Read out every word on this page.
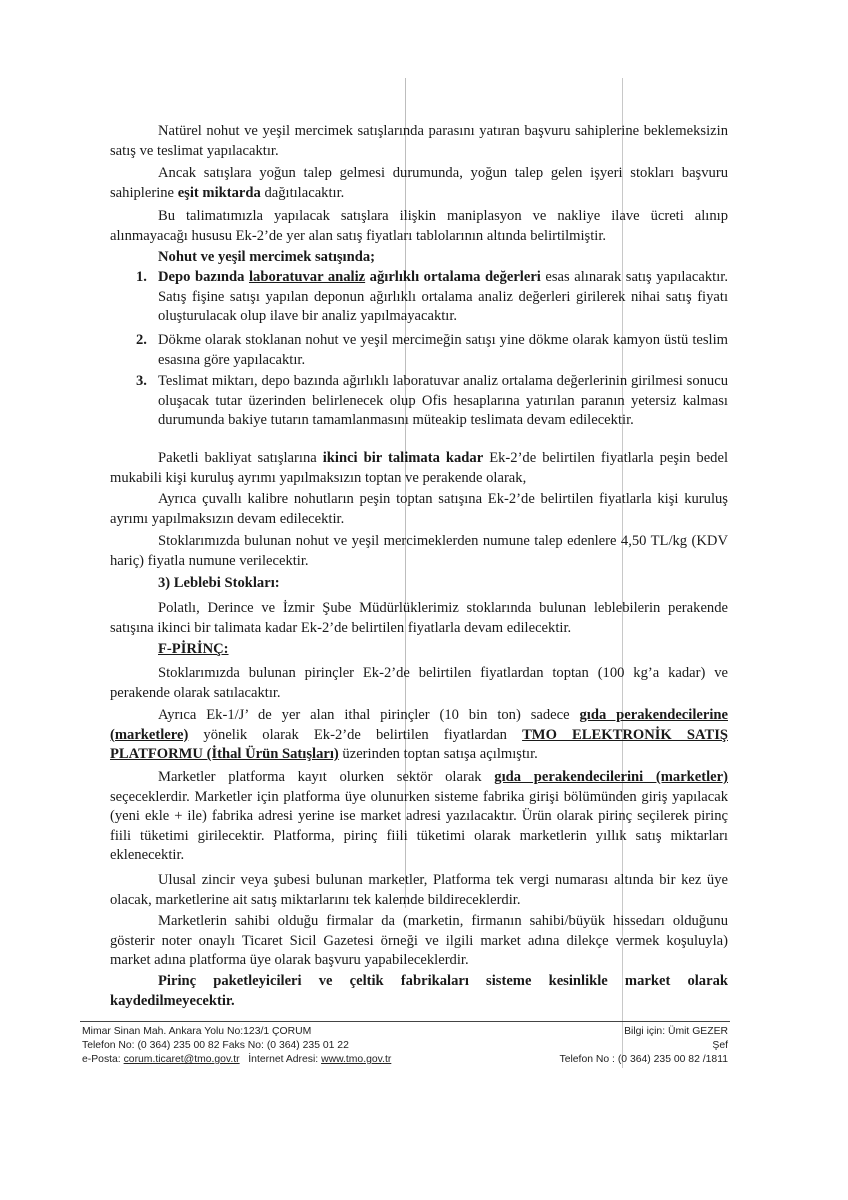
Natürel nohut ve yeşil mercimek satışlarında parasını yatıran başvuru sahiplerine beklemeksizin satış ve teslimat yapılacaktır.

Ancak satışlara yoğun talep gelmesi durumunda, yoğun talep gelen işyeri stokları başvuru sahiplerine eşit miktarda dağıtılacaktır.

Bu talimatımızla yapılacak satışlara ilişkin maniplasyon ve nakliye ilave ücreti alınıp alınmayacağı hususu Ek-2’de yer alan satış fiyatları tablolarının altında belirtilmiştir.

Nohut ve yeşil mercimek satışında;

1. Depo bazında laboratuvar analiz ağırlıklı ortalama değerleri esas alınarak satış yapılacaktır. Satış fişine satışı yapılan deponun ağırlıklı ortalama analiz değerleri girilerek nihai satış fiyatı oluşturulacak olup ilave bir analiz yapılmayacaktır.
2. Dökme olarak stoklanan nohut ve yeşil mercimeğin satışı yine dökme olarak kamyon üstü teslim esasına göre yapılacaktır.
3. Teslimat miktarı, depo bazında ağırlıklı laboratuvar analiz ortalama değerlerinin girilmesi sonucu oluşacak tutar üzerinden belirlenecek olup Ofis hesaplarına yatırılan paranın yetersiz kalması durumunda bakiye tutarın tamamlanmasını müteakip teslimata devam edilecektir.

Paketli bakliyat satışlarına ikinci bir talimata kadar Ek-2’de belirtilen fiyatlarla peşin bedel mukabili kişi kuruluş ayrımı yapılmaksızın toptan ve perakende olarak,

Ayrıca çuvallı kalibre nohutların peşin toptan satışına Ek-2’de belirtilen fiyatlarla kişi kuruluş ayrımı yapılmaksızın devam edilecektir.

Stoklarımızda bulunan nohut ve yeşil mercimeklerden numune talep edenlere 4,50 TL/kg (KDV hariç) fiyatla numune verilecektir.

3) Leblebi Stokları:

Polatlı, Derince ve İzmir Şube Müdürlüklerimiz stoklarında bulunan leblebilerin perakende satışına ikinci bir talimata kadar Ek-2’de belirtilen fiyatlarla devam edilecektir.

F-PİRİNÇ:

Stoklarımızda bulunan pirinçler Ek-2’de belirtilen fiyatlardan toptan (100 kg’a kadar) ve perakende olarak satılacaktır.

Ayrıca Ek-1/J’ de yer alan ithal pirinçler (10 bin ton) sadece gıda perakendecilerine (marketlere) yönelik olarak Ek-2’de belirtilen fiyatlardan TMO ELEKTRONİK SATIŞ PLATFORMU (İthal Ürün Satışları) üzerinden toptan satışa açılmıştır.

Marketler platforma kayıt olurken sektör olarak gıda perakendecilerini (marketler) seçeceklerdir. Marketler için platforma üye olunurken sisteme fabrika girişi bölümünden giriş yapılacak (yeni ekle + ile) fabrika adresi yerine ise market adresi yazılacaktır. Ürün olarak pirinç seçilerek pirinç fiili tüketimi girilecektir. Platforma, pirinç fiili tüketimi olarak marketlerin yıllık satış miktarları eklenecektir.

Ulusal zincir veya şubesi bulunan marketler, Platforma tek vergi numarası altında bir kez üye olacak, marketlerine ait satış miktarlarını tek kalemde bildireceklerdir.

Marketlerin sahibi olduğu firmalar da (marketin, firmanın sahibi/büyük hissedarı olduğunu gösterir noter onaylı Ticaret Sicil Gazetesi örneği ve ilgili market adına dilekçe vermek koşuluyla) market adına platforma üye olarak başvuru yapabileceklerdir.

Pirinç paketleyicileri ve çeltik fabrikaları sisteme kesinlikle market olarak kaydedilmeyecektir.

Mimar Sinan Mah. Ankara Yolu No:123/1 ÇORUM
Telefon No: (0 364) 235 00 82 Faks No: (0 364) 235 01 22
e-Posta: corum.ticaret@tmo.gov.tr   İnternet Adresi: www.tmo.gov.tr
Bilgi için: Ümit GEZER
Şef
Telefon No : (0 364) 235 00 82 /1811
